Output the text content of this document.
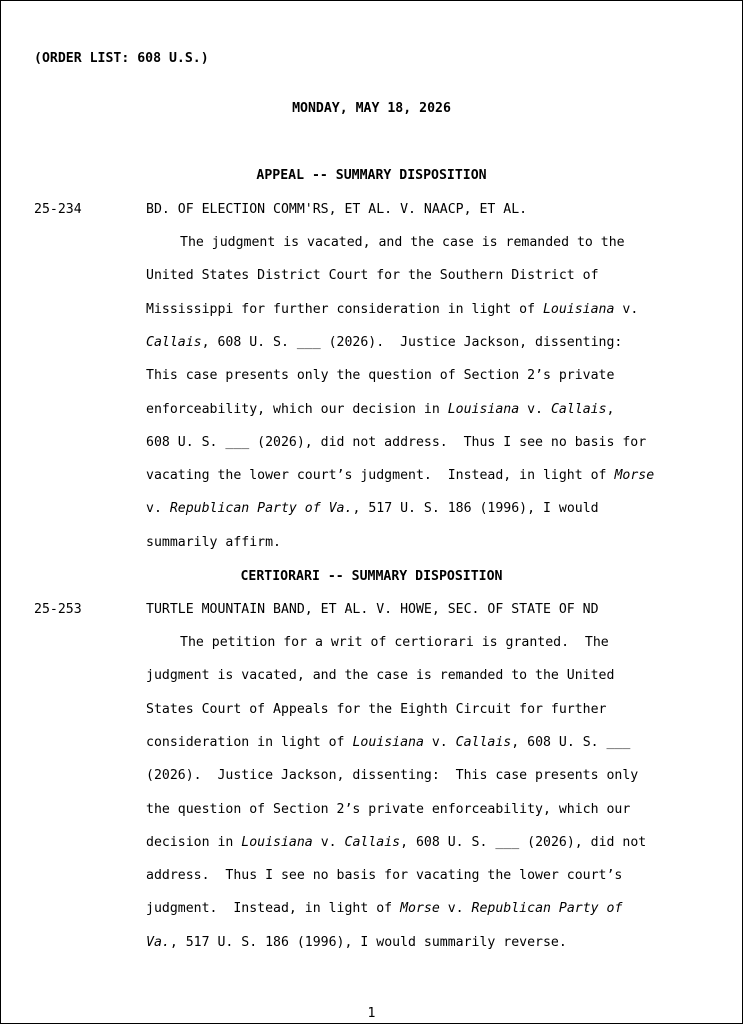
(ORDER LIST: 608 U.S.)
MONDAY, MAY 18, 2026
APPEAL -- SUMMARY DISPOSITION
25-234	BD. OF ELECTION COMM'RS, ET AL. V. NAACP, ET AL.
The judgment is vacated, and the case is remanded to the
United States District Court for the Southern District of
Mississippi for further consideration in light of Louisiana v.
Callais, 608 U. S. ___ (2026).  Justice Jackson, dissenting:
This case presents only the question of Section 2’s private
enforceability, which our decision in Louisiana v. Callais,
608 U. S. ___ (2026), did not address.  Thus I see no basis for
vacating the lower court’s judgment.  Instead, in light of Morse
v. Republican Party of Va., 517 U. S. 186 (1996), I would
summarily affirm.
CERTIORARI -- SUMMARY DISPOSITION
25-253	TURTLE MOUNTAIN BAND, ET AL. V. HOWE, SEC. OF STATE OF ND
The petition for a writ of certiorari is granted.  The
judgment is vacated, and the case is remanded to the United
States Court of Appeals for the Eighth Circuit for further
consideration in light of Louisiana v. Callais, 608 U. S. ___
(2026).  Justice Jackson, dissenting:  This case presents only
the question of Section 2’s private enforceability, which our
decision in Louisiana v. Callais, 608 U. S. ___ (2026), did not
address.  Thus I see no basis for vacating the lower court’s
judgment.  Instead, in light of Morse v. Republican Party of
Va., 517 U. S. 186 (1996), I would summarily reverse.
1
